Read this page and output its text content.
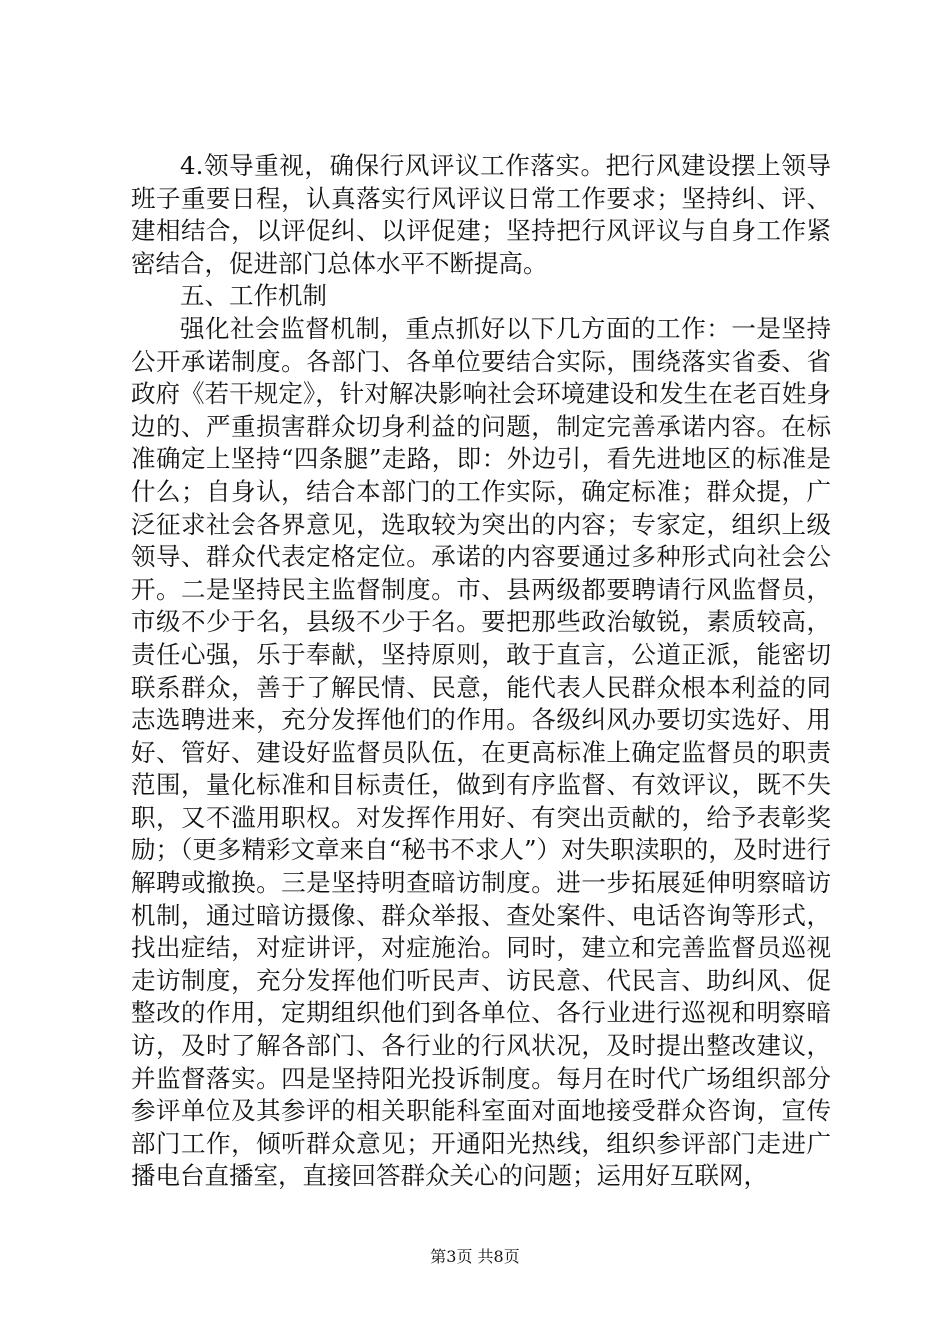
4.领导重视，确保行风评议工作落实。把行风建设摆上领导班子重要日程，认真落实行风评议日常工作要求；坚持纠、评、建相结合，以评促纠、以评促建；坚持把行风评议与自身工作紧密结合，促进部门总体水平不断提高。

五、工作机制

强化社会监督机制，重点抓好以下几方面的工作：一是坚持公开承诺制度。各部门、各单位要结合实际，围绕落实省委、省政府《若干规定》，针对解决影响社会环境建设和发生在老百姓身边的、严重损害群众切身利益的问题，制定完善承诺内容。在标准确定上坚持“四条腿”走路，即：外边引，看先进地区的标准是什么；自身认，结合本部门的工作实际，确定标准；群众提，广泛征求社会各界意见，选取较为突出的内容；专家定，组织上级领导、群众代表定格定位。承诺的内容要通过多种形式向社会公开。二是坚持民主监督制度。市、县两级都要聘请行风监督员，市级不少于名，县级不少于名。要把那些政治敏锐，素质较高，责任心强，乐于奉献，坚持原则，敢于直言，公道正派，能密切联系群众，善于了解民情、民意，能代表人民群众根本利益的同志选聘进来，充分发挥他们的作用。各级纠风办要切实选好、用好、管好、建设好监督员队伍，在更高标准上确定监督员的职责范围，量化标准和目标责任，做到有序监督、有效评议，既不失职，又不滥用职权。对发挥作用好、有突出贡献的，给予表彰奖励；（更多精彩文章来自“秘书不求人”）对失职渎职的，及时进行解聘或撤换。三是坚持明查暗访制度。进一步拓展延伸明察暗访机制，通过暗访摄像、群众举报、查处案件、电话咨询等形式，找出症结，对症讲评，对症施治。同时，建立和完善监督员巡视走访制度，充分发挥他们听民声、访民意、代民言、助纠风、促整改的作用，定期组织他们到各单位、各行业进行巡视和明察暗访，及时了解各部门、各行业的行风状况，及时提出整改建议，并监督落实。四是坚持阳光投诉制度。每月在时代广场组织部分参评单位及其参评的相关职能科室面对面地接受群众咨询，宣传部门工作，倾听群众意见；开通阳光热线，组织参评部门走进广播电台直播室，直接回答群众关心的问题；运用好互联网，

第3页 共8页
